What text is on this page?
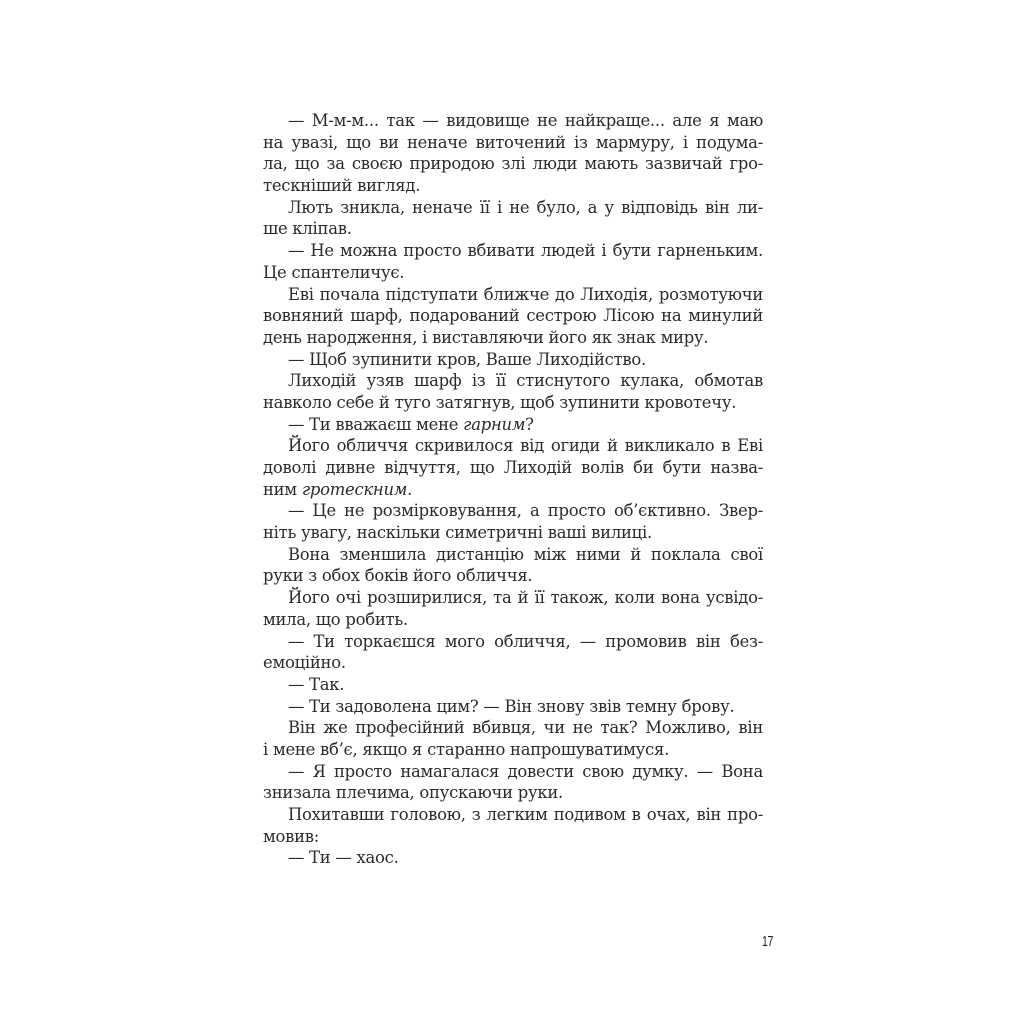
— М-м-м... так — видовище не найкраще... але я маю
на увазі, що ви неначе виточений із мармуру, і подума-
ла, що за своєю природою злі люди мають зазвичай гро-
тескніший вигляд.
Лють зникла, неначе її і не було, а у відповідь він ли-
ше кліпав.
— Не можна просто вбивати людей і бути гарненьким.
Це спантеличує.
Еві почала підступати ближче до Лиходія, розмотуючи
вовняний шарф, подарований сестрою Лісою на минулий
день народження, і виставляючи його як знак миру.
— Щоб зупинити кров, Ваше Лиходійство.
Лиходій узяв шарф із її стиснутого кулака, обмотав
навколо себе й туго затягнув, щоб зупинити кровотечу.
— Ти вважаєш мене гарним?
Його обличчя скривилося від огиди й викликало в Еві
доволі дивне відчуття, що Лиходій волів би бути назва-
ним гротескним.
— Це не розмірковування, а просто об’єктивно. Звер-
ніть увагу, наскільки симетричні ваші вилиці.
Вона зменшила дистанцію між ними й поклала свої
руки з обох боків його обличчя.
Його очі розширилися, та й її також, коли вона усвідо-
мила, що робить.
— Ти торкаєшся мого обличчя, — промовив він без-
емоційно.
— Так.
— Ти задоволена цим? — Він знову звів темну брову.
Він же професійний вбивця, чи не так? Можливо, він
і мене вб’є, якщо я старанно напрошуватимуся.
— Я просто намагалася довести свою думку. — Вона
знизала плечима, опускаючи руки.
Похитавши головою, з легким подивом в очах, він про-
мовив:
— Ти — хаос.
17
